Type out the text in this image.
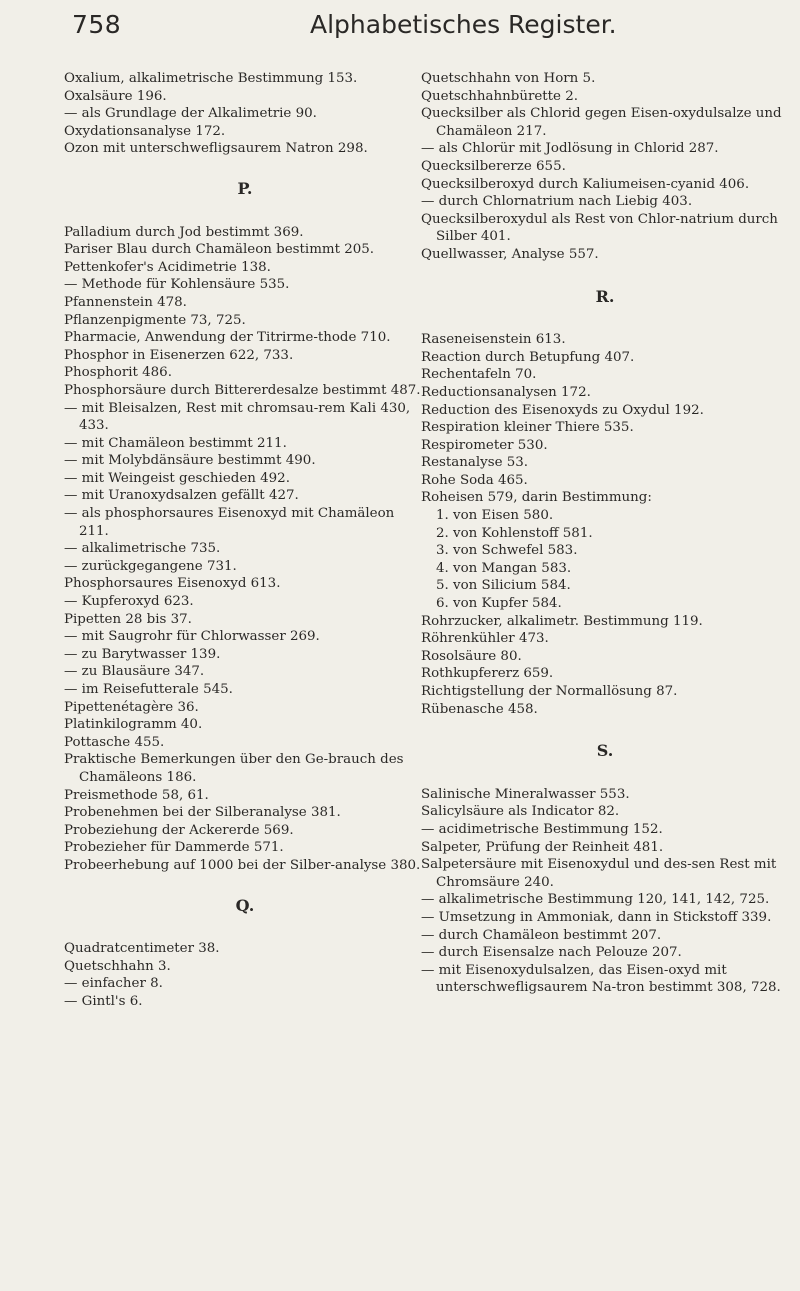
758	Alphabetisches Register.

Oxalium, alkalimetrische Bestimmung 153.

Oxalsäure 196.

— als Grundlage der Alkalimetrie 90.

Oxydationsanalyse 172.

Ozon mit unterschwefligsaurem Natron 298.

P.

Palladium durch Jod bestimmt 369.

Pariser Blau durch Chamäleon bestimmt 205.

Pettenkofer's Acidimetrie 138.

— Methode für Kohlensäure 535.

Pfannenstein 478.

Pflanzenpigmente 73, 725.

Pharmacie, Anwendung der Titrirme-thode 710.

Phosphor in Eisenerzen 622, 733.

Phosphorit 486.

Phosphorsäure durch Bittererdesalze bestimmt 487.

— mit Bleisalzen, Rest mit chromsau-rem Kali 430, 433.

— mit Chamäleon bestimmt 211.

— mit Molybdänsäure bestimmt 490.

— mit Weingeist geschieden 492.

— mit Uranoxydsalzen gefällt 427.

— als phosphorsaures Eisenoxyd mit Chamäleon 211.

— alkalimetrische 735.

— zurückgegangene 731.

Phosphorsaures Eisenoxyd 613.

— Kupferoxyd 623.

Pipetten 28 bis 37.

— mit Saugrohr für Chlorwasser 269.

— zu Barytwasser 139.

— zu Blausäure 347.

— im Reisefutterale 545.

Pipettenétagère 36.

Platinkilogramm 40.

Pottasche 455.

Praktische Bemerkungen über den Ge-brauch des Chamäleons 186.

Preismethode 58, 61.

Probenehmen bei der Silberanalyse 381.

Probeziehung der Ackererde 569.

Probezieher für Dammerde 571.

Probeerhebung auf 1000 bei der Silber-analyse 380.

Q.

Quadratcentimeter 38.

Quetschhahn 3.

— einfacher 8.

— Gintl's 6.

Quetschhahn von Horn 5.

Quetschhahnbürette 2.

Quecksilber als Chlorid gegen Eisen-oxydulsalze und Chamäleon 217.

— als Chlorür mit Jodlösung in Chlorid 287.

Quecksilbererze 655.

Quecksilberoxyd durch Kaliumeisen-cyanid 406.

— durch Chlornatrium nach Liebig 403.

Quecksilberoxydul als Rest von Chlor-natrium durch Silber 401.

Quellwasser, Analyse 557.

R.

Raseneisenstein 613.

Reaction durch Betupfung 407.

Rechentafeln 70.

Reductionsanalysen 172.

Reduction des Eisenoxyds zu Oxydul 192.

Respiration kleiner Thiere 535.

Respirometer 530.

Restanalyse 53.

Rohe Soda 465.

Roheisen 579, darin Bestimmung:

1. von Eisen 580.

2. von Kohlenstoff 581.

3. von Schwefel 583.

4. von Mangan 583.

5. von Silicium 584.

6. von Kupfer 584.

Rohrzucker, alkalimetr. Bestimmung 119.

Röhrenkühler 473.

Rosolsäure 80.

Rothkupfererz 659.

Richtigstellung der Normallösung 87.

Rübenasche 458.

S.

Salinische Mineralwasser 553.

Salicylsäure als Indicator 82.

— acidimetrische Bestimmung 152.

Salpeter, Prüfung der Reinheit 481.

Salpetersäure mit Eisenoxydul und des-sen Rest mit Chromsäure 240.

— alkalimetrische Bestimmung 120, 141, 142, 725.

— Umsetzung in Ammoniak, dann in Stickstoff 339.

— durch Chamäleon bestimmt 207.

— durch Eisensalze nach Pelouze 207.

— mit Eisenoxydulsalzen, das Eisen-oxyd mit unterschwefligsaurem Na-tron bestimmt 308, 728.
